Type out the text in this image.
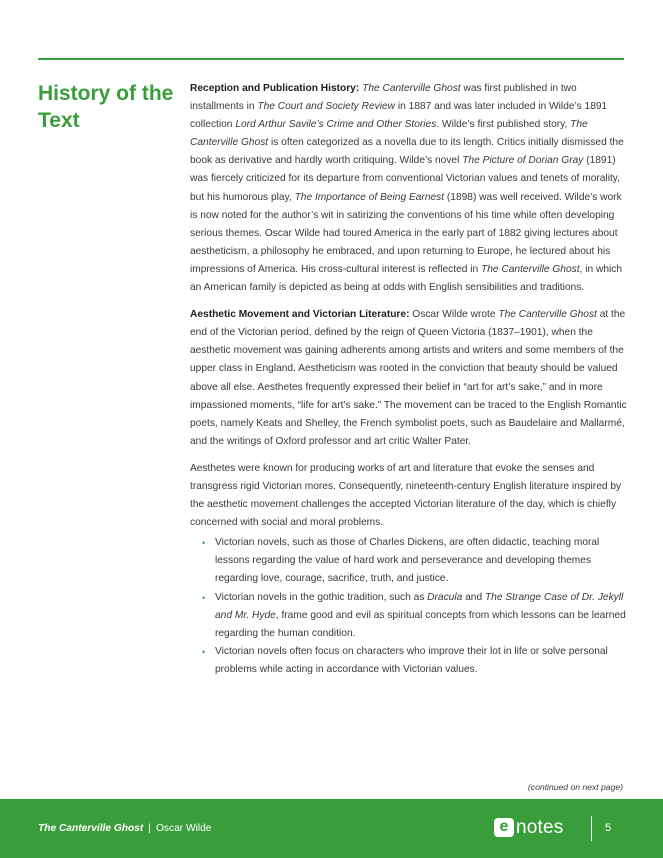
History of the Text

Reception and Publication History: The Canterville Ghost was first published in two installments in The Court and Society Review in 1887 and was later included in Wilde’s 1891 collection Lord Arthur Savile’s Crime and Other Stories. Wilde’s first published story, The Canterville Ghost is often categorized as a novella due to its length. Critics initially dismissed the book as derivative and hardly worth critiquing. Wilde’s novel The Picture of Dorian Gray (1891) was fiercely criticized for its departure from conventional Victorian values and tenets of morality, but his humorous play, The Importance of Being Earnest (1898) was well received. Wilde’s work is now noted for the author’s wit in satirizing the conventions of his time while often developing serious themes. Oscar Wilde had toured America in the early part of 1882 giving lectures about aestheticism, a philosophy he embraced, and upon returning to Europe, he lectured about his impressions of America. His cross-cultural interest is reflected in The Canterville Ghost, in which an American family is depicted as being at odds with English sensibilities and traditions.

Aesthetic Movement and Victorian Literature: Oscar Wilde wrote The Canterville Ghost at the end of the Victorian period, defined by the reign of Queen Victoria (1837–1901), when the aesthetic movement was gaining adherents among artists and writers and some members of the upper class in England. Aestheticism was rooted in the conviction that beauty should be valued above all else. Aesthetes frequently expressed their belief in “art for art’s sake,” and in more impassioned moments, “life for art’s sake.” The movement can be traced to the English Romantic poets, namely Keats and Shelley, the French symbolist poets, such as Baudelaire and Mallarmé, and the writings of Oxford professor and art critic Walter Pater.

Aesthetes were known for producing works of art and literature that evoke the senses and transgress rigid Victorian mores. Consequently, nineteenth-century English literature inspired by the aesthetic movement challenges the accepted Victorian literature of the day, which is chiefly concerned with social and moral problems.

• Victorian novels, such as those of Charles Dickens, are often didactic, teaching moral lessons regarding the value of hard work and perseverance and developing themes regarding love, courage, sacrifice, truth, and justice.
• Victorian novels in the gothic tradition, such as Dracula and The Strange Case of Dr. Jekyll and Mr. Hyde, frame good and evil as spiritual concepts from which lessons can be learned regarding the human condition.
• Victorian novels often focus on characters who improve their lot in life or solve personal problems while acting in accordance with Victorian values.
(continued on next page)
The Canterville Ghost | Oscar Wilde	e notes	5
